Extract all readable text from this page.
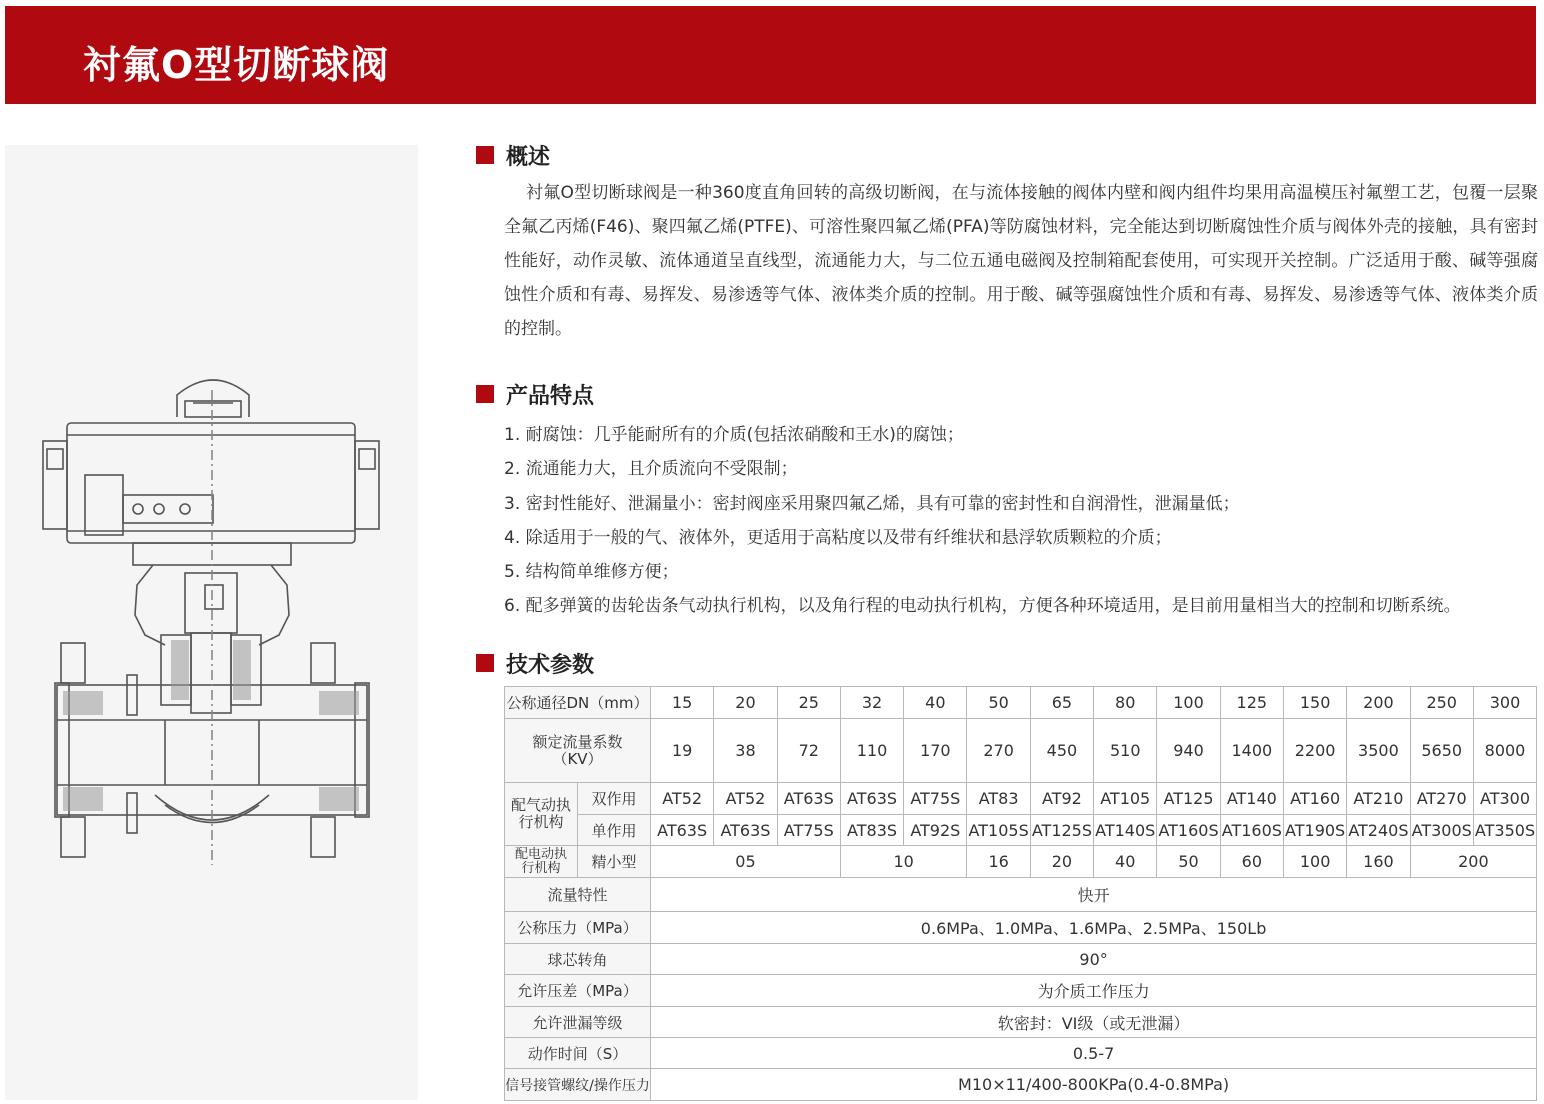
衬氟O型切断球阀
概述

衬氟O型切断球阀是一种360度直角回转的高级切断阀，在与流体接触的阀体内壁和阀内组件均果用高温模压衬氟塑工艺，包覆一层聚全氟乙丙烯(F46)、聚四氟乙烯(PTFE)、可溶性聚四氟乙烯(PFA)等防腐蚀材料，完全能达到切断腐蚀性介质与阀体外壳的接触，具有密封性能好，动作灵敏、流体通道呈直线型，流通能力大，与二位五通电磁阀及控制箱配套使用，可实现开关控制。广泛适用于酸、碱等强腐蚀性介质和有毒、易挥发、易渗透等气体、液体类介质的控制。用于酸、碱等强腐蚀性介质和有毒、易挥发、易渗透等气体、液体类介质的控制。

产品特点
1. 耐腐蚀：几乎能耐所有的介质(包括浓硝酸和王水)的腐蚀；
2. 流通能力大，且介质流向不受限制；
3. 密封性能好、泄漏量小：密封阀座采用聚四氟乙烯，具有可靠的密封性和自润滑性，泄漏量低；
4. 除适用于一般的气、液体外，更适用于高粘度以及带有纤维状和悬浮软质颗粒的介质；
5. 结构简单维修方便；
6. 配多弹簧的齿轮齿条气动执行机构，以及角行程的电动执行机构，方便各种环境适用，是目前用量相当大的控制和切断系统。
技术参数
公称通径DN（mm）		15	20	25	32	40	50	65	80	100	125	150	200	250	300
额定流量系数（KV）		19	38	72	110	170	270	450	510	940	1400	2200	3500	5650	8000
配气动执行机构	双作用	AT52	AT52	AT63S	AT63S	AT75S	AT83	AT92	AT105	AT125	AT140	AT160	AT210	AT270	AT300
	单作用	AT63S	AT63S	AT75S	AT83S	AT92S	AT105S	AT125S	AT140S	AT160S	AT160S	AT190S	AT240S	AT300S	AT350S
配电动执行机构	精小型	05			10		16	20	40	50	60	100	160	200	
流量特性		快开													
公称压力（MPa）		0.6MPa、1.0MPa、1.6MPa、2.5MPa、150Lb													
球芯转角		90°													
允许压差（MPa）		为介质工作压力													
允许泄漏等级		软密封：VI级（或无泄漏）													
动作时间（S）		0.5-7													
信号接管螺纹/操作压力		M10×11/400-800KPa(0.4-0.8MPa)													
